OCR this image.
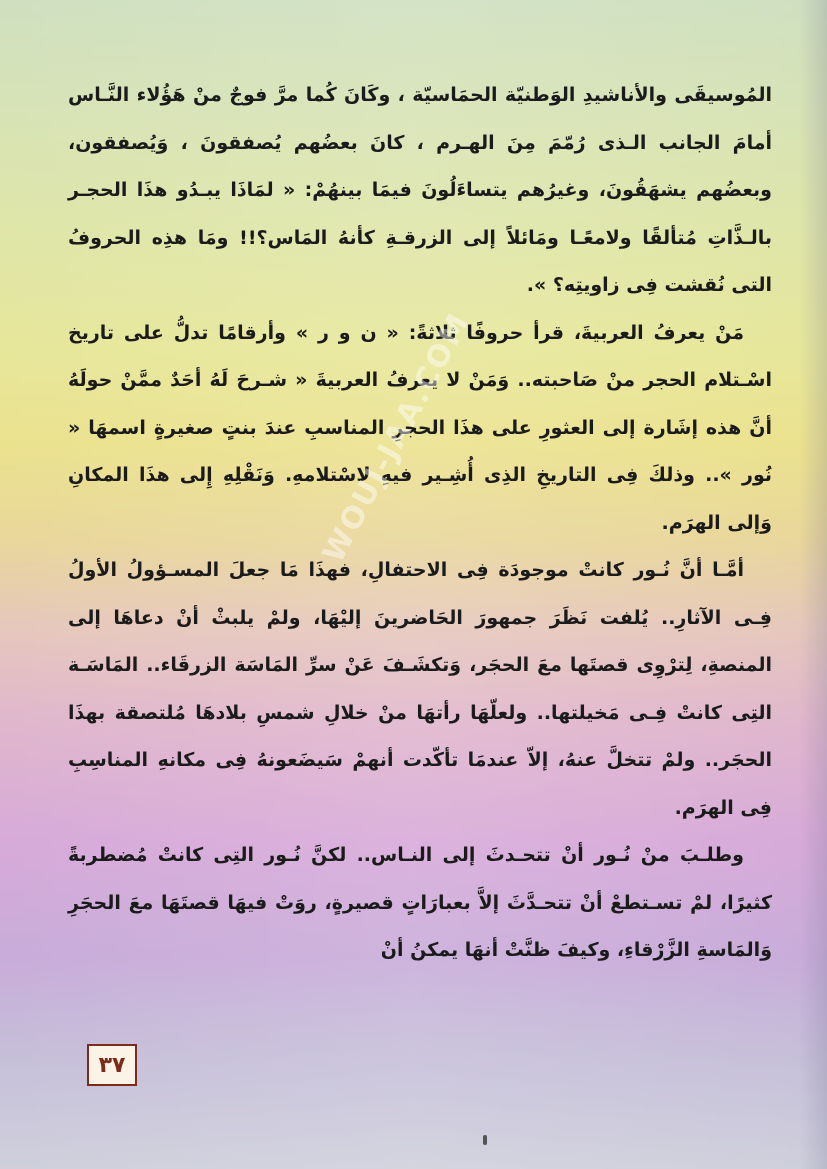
المُوسيقَى والأناشيدِ الوَطنيّة الحمَاسيّة ، وكَانَ كُما مرَّ فوجٌ منْ هَؤُلاء النَّـاس أمامَ الجانب الـذى رُمّمَ مِنَ الهـرم ، كانَ بعضُهم يُصفقونَ ، وَيُصفقون، وبعضُهم يشهَقُونَ، وغيرُهم يتساءَلُونَ فيمَا بينهُمْ: « لمَاذَا يبـدُو هذَا الحجـر بالـذَّاتِ مُتألقًا ولامعًـا ومَائلاً إلى الزرقـةِ كأنهُ المَاس؟!! ومَا هذِه الحروفُ التى نُقشت فِى زاويتِه؟ ».

مَنْ يعرفُ العربيةَ، قرأ حروفًا ثلاثةً: « ن و ر » وأرقامًا تدلُّ على تاريخ اسْـتلام الحجر منْ صَاحبته.. وَمَنْ لا يعرفُ العربيةَ « شـرحَ لَهُ أحَدٌ ممَّنْ حولَهُ أنَّ هذه إشَارة إلى العثورِ على هذَا الحجرِ المناسبِ عندَ بنتٍ صغيرةٍ اسمهَا « نُور ».. وذلكَ فِى التاريخِ الذِى أُشِـير فيهِ لاسْتلامهِ. وَنَقْلِهِ إِلى هذَا المكانِ وَإلى الهرَم.

أمَّـا أنَّ نُـور كانتْ موجودَة فِى الاحتفالِ، فهذَا مَا جعلَ المسـؤولُ الأولُ فِـى الآثارِ.. يُلفت نَظَرَ جمهورَ الحَاضرينَ إليْهَا، ولمْ يلبثْ أنْ دعاهَا إلى المنصةِ، لِترْوِى قصتَها معَ الحجَر، وَتكشَـفَ عَنْ سرِّ المَاسَة الزرقَاء.. المَاسَـة التِى كانتْ فِـى مَخيلتها.. ولعلّهَا رأتهَا منْ خلالِ شمسِ بلادهَا مُلتصقة بهذَا الحجَر.. ولمْ تتخلَّ عنهُ، إلاّ عندمَا تأكّدت أنهمْ سَيضَعونهُ فِى مكانهِ المناسِبِ فِى الهرَم.

وطلـبَ منْ نُـور أنْ تتحـدثَ إلى النـاس.. لكنَّ نُـور التِى كانتْ مُضطربةً كثيرًا، لمْ تسـتطعْ أنْ تتحـدَّثَ إلاَّ بعبارَاتٍ قصيرةٍ، روَتْ فيهَا قصتَهَا معَ الحجَرِ وَالمَاسةِ الزَّرْقاءِ، وكيفَ ظنَّتْ أنهَا يمكنُ أنْ

WOUJ-JAA.COM
٣٧
